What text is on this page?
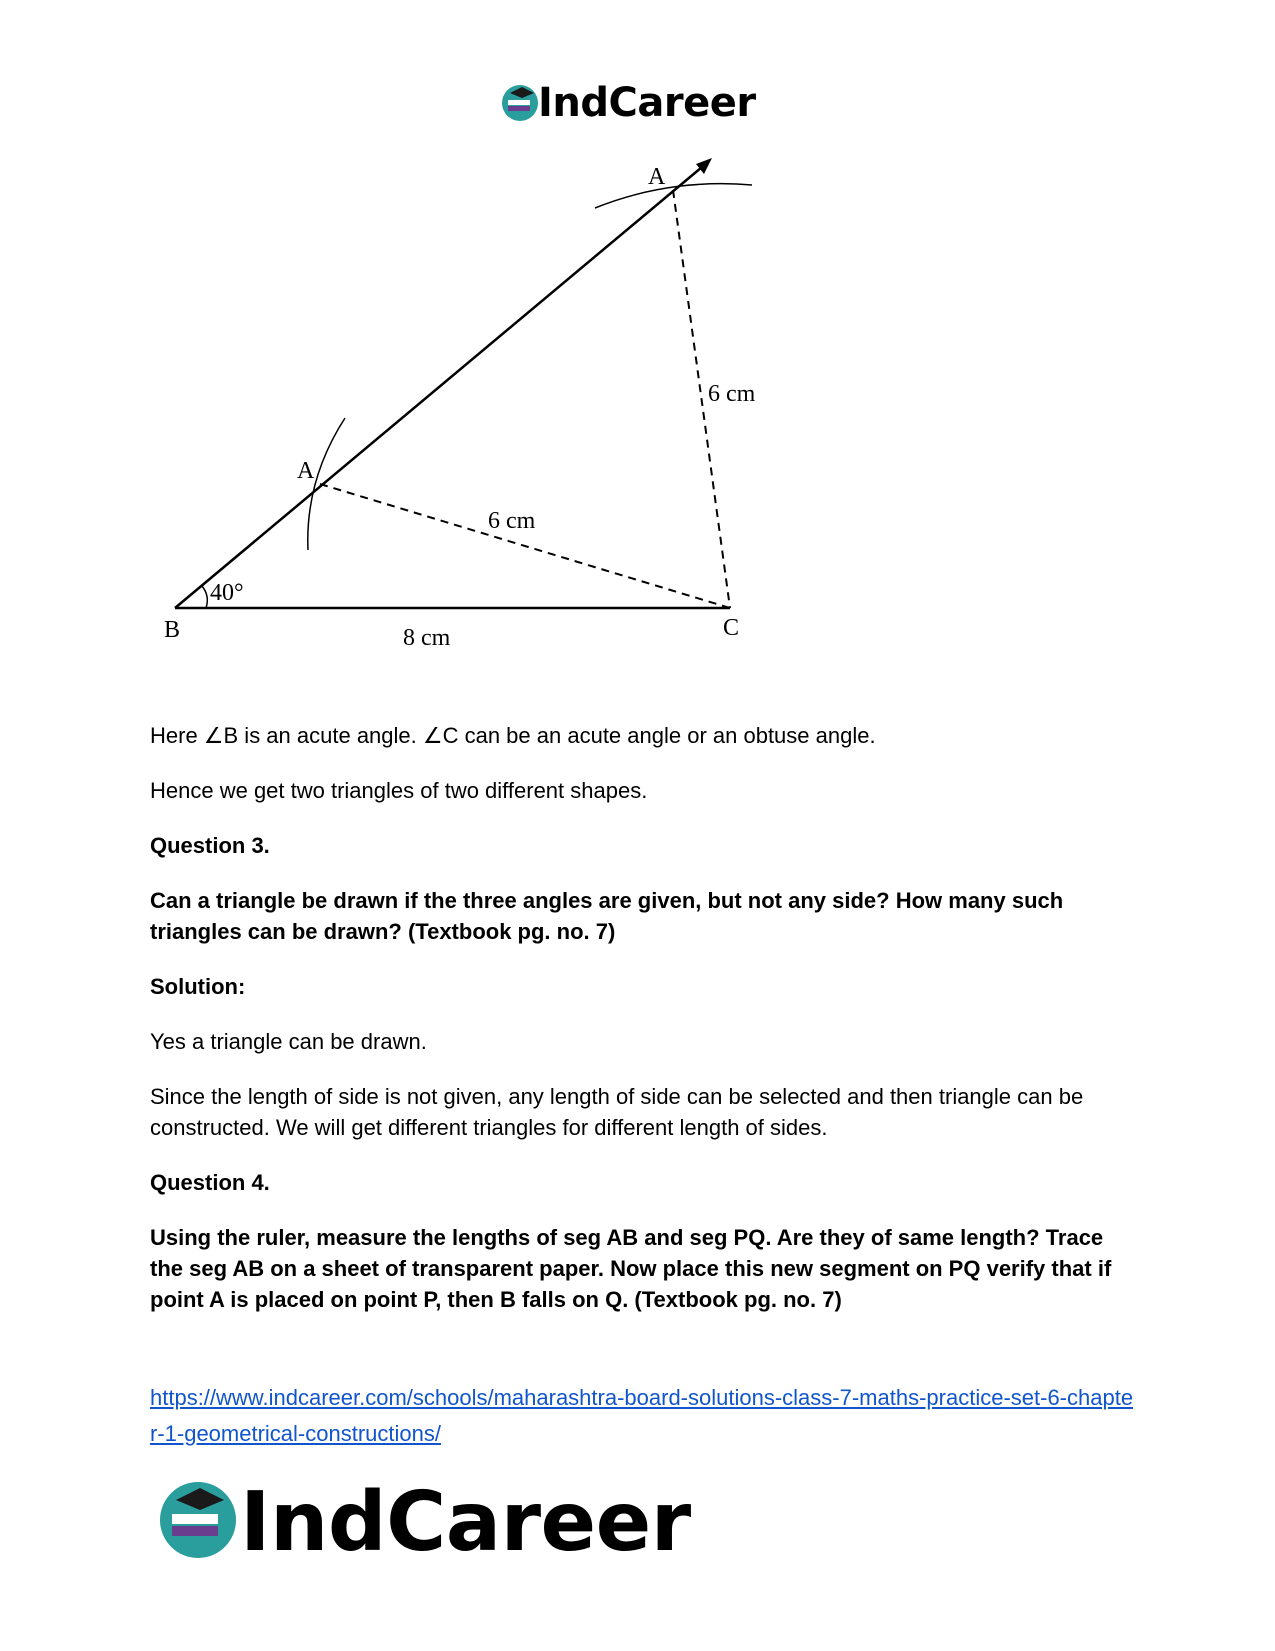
IndCareer
A
A
B	C
40°
8 cm
6 cm
6 cm

Here ∠B is an acute angle. ∠C can be an acute angle or an obtuse angle.

Hence we get two triangles of two different shapes.

Question 3.

Can a triangle be drawn if the three angles are given, but not any side? How many such triangles can be drawn? (Textbook pg. no. 7)

Solution:

Yes a triangle can be drawn.

Since the length of side is not given, any length of side can be selected and then triangle can be constructed. We will get different triangles for different length of sides.

Question 4.

Using the ruler, measure the lengths of seg AB and seg PQ. Are they of same length? Trace the seg AB on a sheet of transparent paper. Now place this new segment on PQ verify that if point A is placed on point P, then B falls on Q. (Textbook pg. no. 7)

https://www.indcareer.com/schools/maharashtra-board-solutions-class-7-maths-practice-set-6-chapter-1-geometrical-constructions/
IndCareer
